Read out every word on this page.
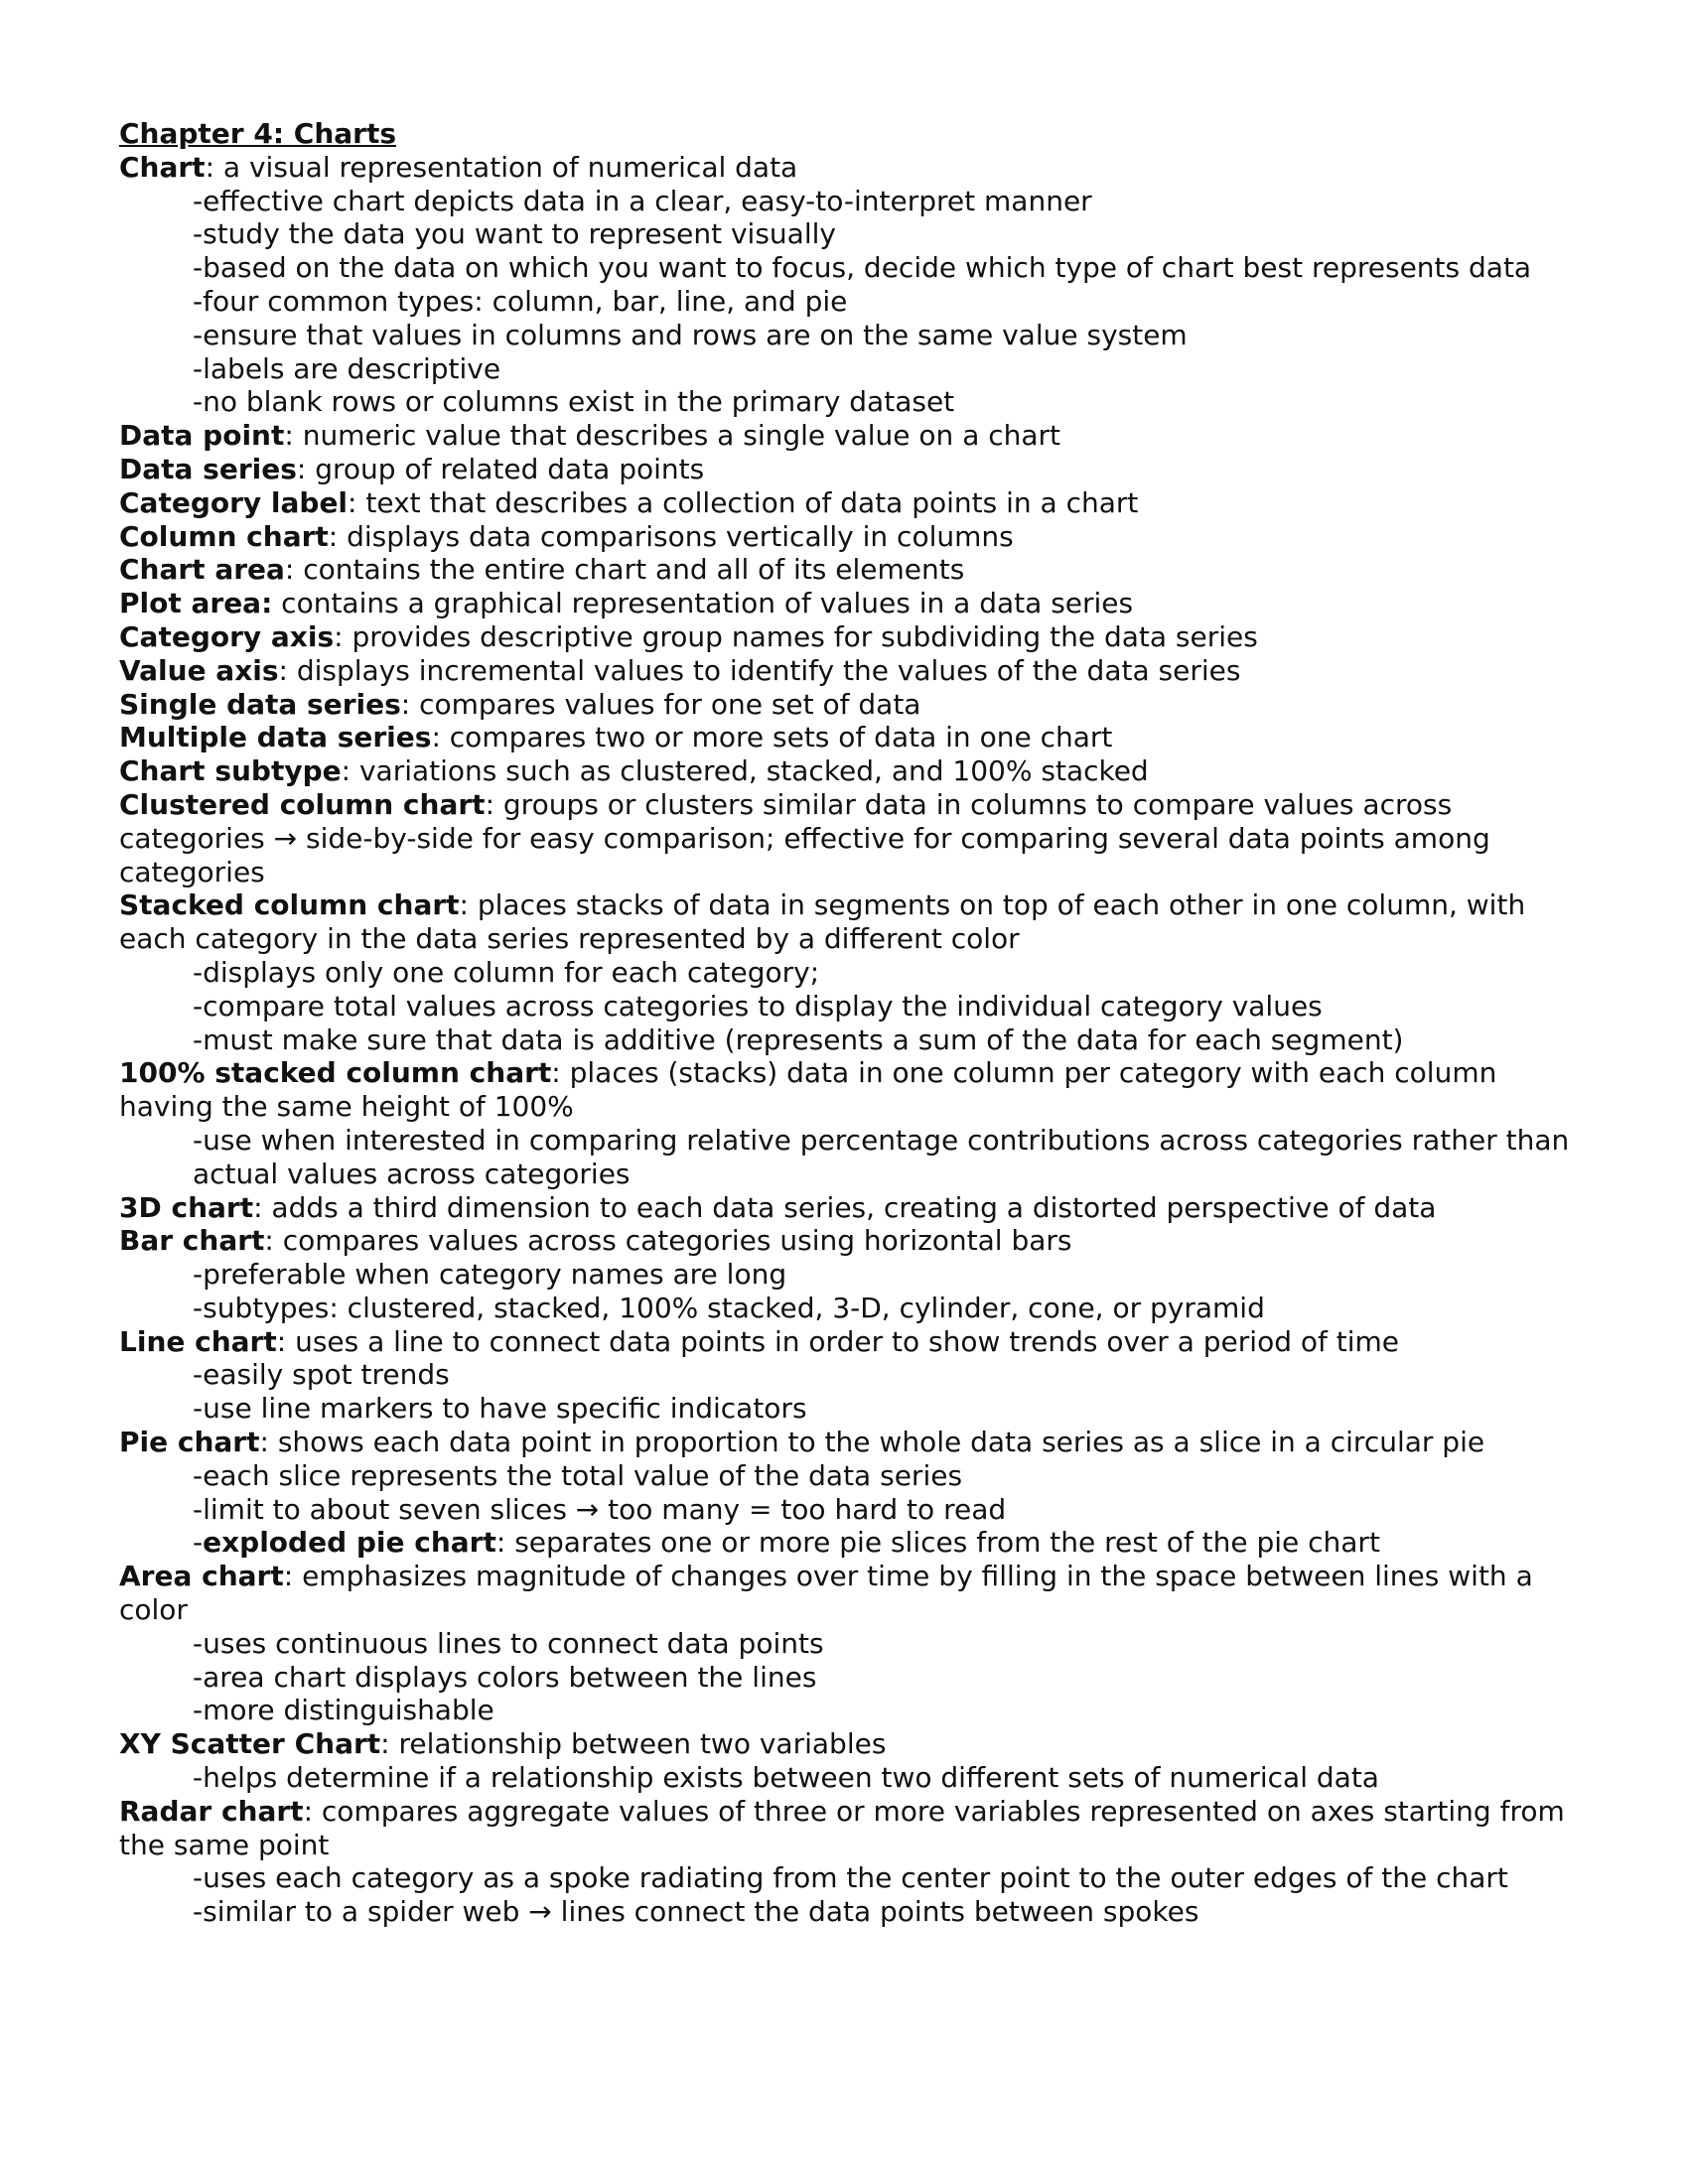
Chapter 4: Charts

Chart: a visual representation of numerical data

-effective chart depicts data in a clear, easy-to-interpret manner

-study the data you want to represent visually

-based on the data on which you want to focus, decide which type of chart best represents data

-four common types: column, bar, line, and pie

-ensure that values in columns and rows are on the same value system

-labels are descriptive

-no blank rows or columns exist in the primary dataset

Data point: numeric value that describes a single value on a chart

Data series: group of related data points

Category label: text that describes a collection of data points in a chart

Column chart: displays data comparisons vertically in columns

Chart area: contains the entire chart and all of its elements

Plot area: contains a graphical representation of values in a data series

Category axis: provides descriptive group names for subdividing the data series

Value axis: displays incremental values to identify the values of the data series

Single data series: compares values for one set of data

Multiple data series: compares two or more sets of data in one chart

Chart subtype: variations such as clustered, stacked, and 100% stacked

Clustered column chart: groups or clusters similar data in columns to compare values across categories → side-by-side for easy comparison; effective for comparing several data points among categories

Stacked column chart: places stacks of data in segments on top of each other in one column, with each category in the data series represented by a different color

-displays only one column for each category;

-compare total values across categories to display the individual category values

-must make sure that data is additive (represents a sum of the data for each segment)

100% stacked column chart: places (stacks) data in one column per category with each column having the same height of 100%

-use when interested in comparing relative percentage contributions across categories rather than actual values across categories

3D chart: adds a third dimension to each data series, creating a distorted perspective of data

Bar chart: compares values across categories using horizontal bars

-preferable when category names are long

-subtypes: clustered, stacked, 100% stacked, 3-D, cylinder, cone, or pyramid

Line chart: uses a line to connect data points in order to show trends over a period of time

-easily spot trends

-use line markers to have specific indicators

Pie chart: shows each data point in proportion to the whole data series as a slice in a circular pie

-each slice represents the total value of the data series

-limit to about seven slices → too many = too hard to read

-exploded pie chart: separates one or more pie slices from the rest of the pie chart

Area chart: emphasizes magnitude of changes over time by filling in the space between lines with a color

-uses continuous lines to connect data points

-area chart displays colors between the lines

-more distinguishable

XY Scatter Chart: relationship between two variables

-helps determine if a relationship exists between two different sets of numerical data

Radar chart: compares aggregate values of three or more variables represented on axes starting from the same point

-uses each category as a spoke radiating from the center point to the outer edges of the chart

-similar to a spider web → lines connect the data points between spokes
